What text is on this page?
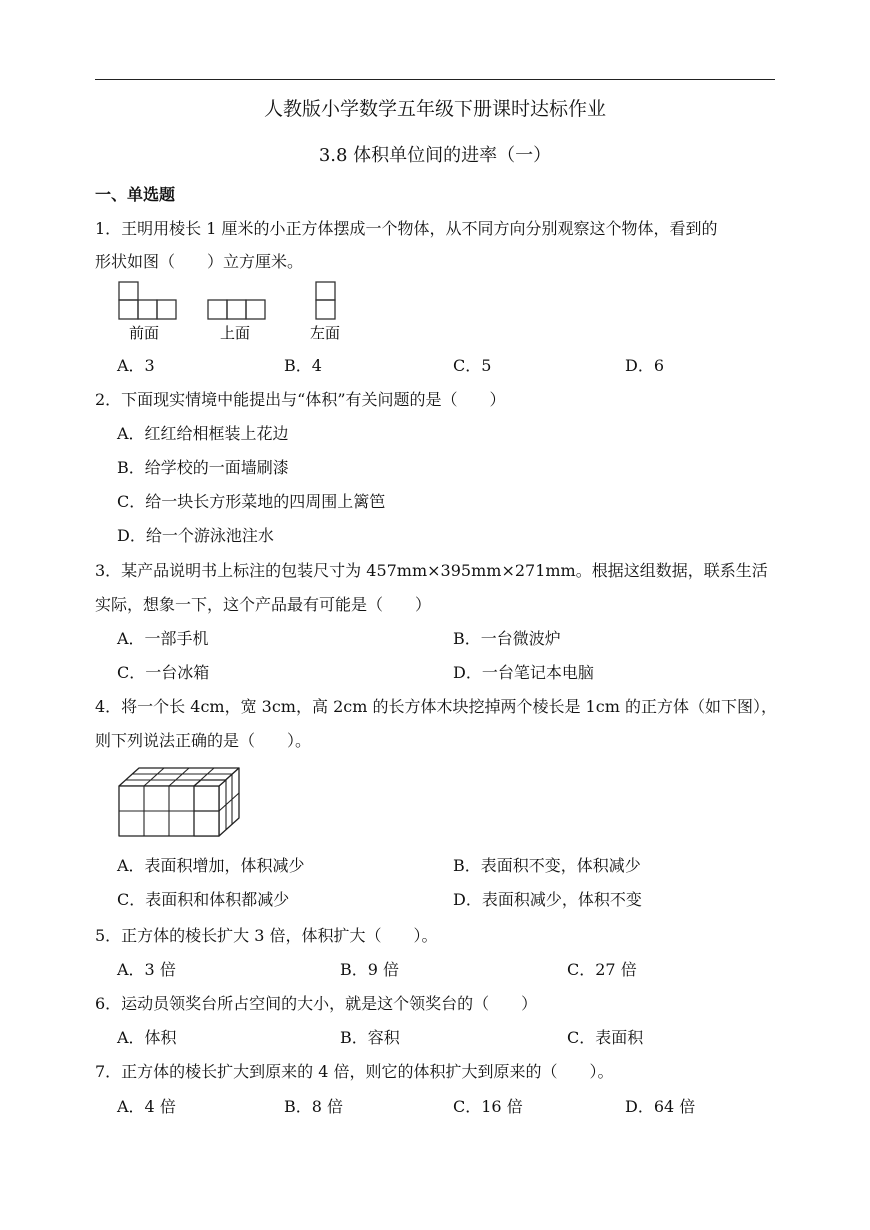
人教版小学数学五年级下册课时达标作业
3.8 体积单位间的进率（一）
一、单选题
1．王明用棱长 1 厘米的小正方体摆成一个物体，从不同方向分别观察这个物体，看到的
形状如图（　　）立方厘米。
前面	上面	左面
A．3	B．4	C．5	D．6
2．下面现实情境中能提出与“体积”有关问题的是（　　）
A．红红给相框装上花边
B．给学校的一面墙刷漆
C．给一块长方形菜地的四周围上篱笆
D．给一个游泳池注水
3．某产品说明书上标注的包装尺寸为 457mm×395mm×271mm。根据这组数据，联系生活
实际，想象一下，这个产品最有可能是（　　）
A．一部手机	B．一台微波炉
C．一台冰箱	D．一台笔记本电脑
4．将一个长 4cm，宽 3cm，高 2cm 的长方体木块挖掉两个棱长是 1cm 的正方体（如下图），
则下列说法正确的是（　　）。
A．表面积增加，体积减少	B．表面积不变，体积减少
C．表面积和体积都减少	D．表面积减少，体积不变
5．正方体的棱长扩大 3 倍，体积扩大（　　）。
A．3 倍	B．9 倍	C．27 倍
6．运动员领奖台所占空间的大小，就是这个领奖台的（　　）
A．体积	B．容积	C．表面积
7．正方体的棱长扩大到原来的 4 倍，则它的体积扩大到原来的（　　）。
A．4 倍	B．8 倍	C．16 倍	D．64 倍
